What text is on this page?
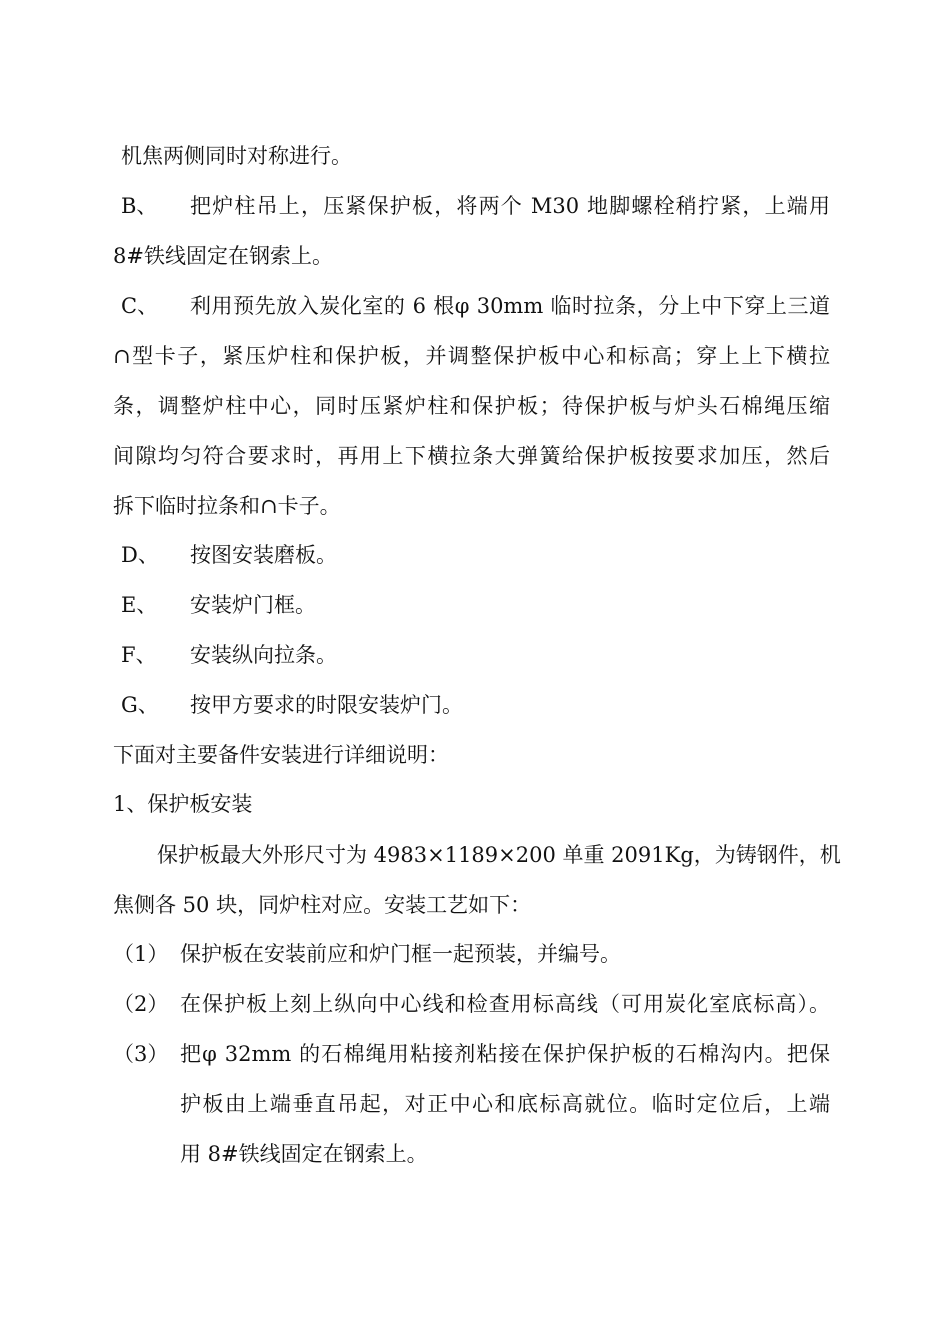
机焦两侧同时对称进行。
B、 把炉柱吊上，压紧保护板，将两个 M30 地脚螺栓稍拧紧，上端用
8#铁线固定在钢索上。
C、 利用预先放入炭化室的 6 根φ 30mm 临时拉条，分上中下穿上三道
∩型卡子，紧压炉柱和保护板，并调整保护板中心和标高；穿上上下横拉
条，调整炉柱中心，同时压紧炉柱和保护板；待保护板与炉头石棉绳压缩
间隙均匀符合要求时，再用上下横拉条大弹簧给保护板按要求加压，然后
拆下临时拉条和∩卡子。
D、 按图安装磨板。
E、 安装炉门框。
F、 安装纵向拉条。
G、 按甲方要求的时限安装炉门。
下面对主要备件安装进行详细说明：
1、保护板安装
保护板最大外形尺寸为 4983×1189×200 单重 2091Kg，为铸钢件，机
焦侧各 50 块，同炉柱对应。安装工艺如下：
（1） 保护板在安装前应和炉门框一起预装，并编号。
（2） 在保护板上刻上纵向中心线和检查用标高线（可用炭化室底标高）。
（3） 把φ 32mm 的石棉绳用粘接剂粘接在保护保护板的石棉沟内。把保
护板由上端垂直吊起，对正中心和底标高就位。临时定位后，上端
用 8#铁线固定在钢索上。
